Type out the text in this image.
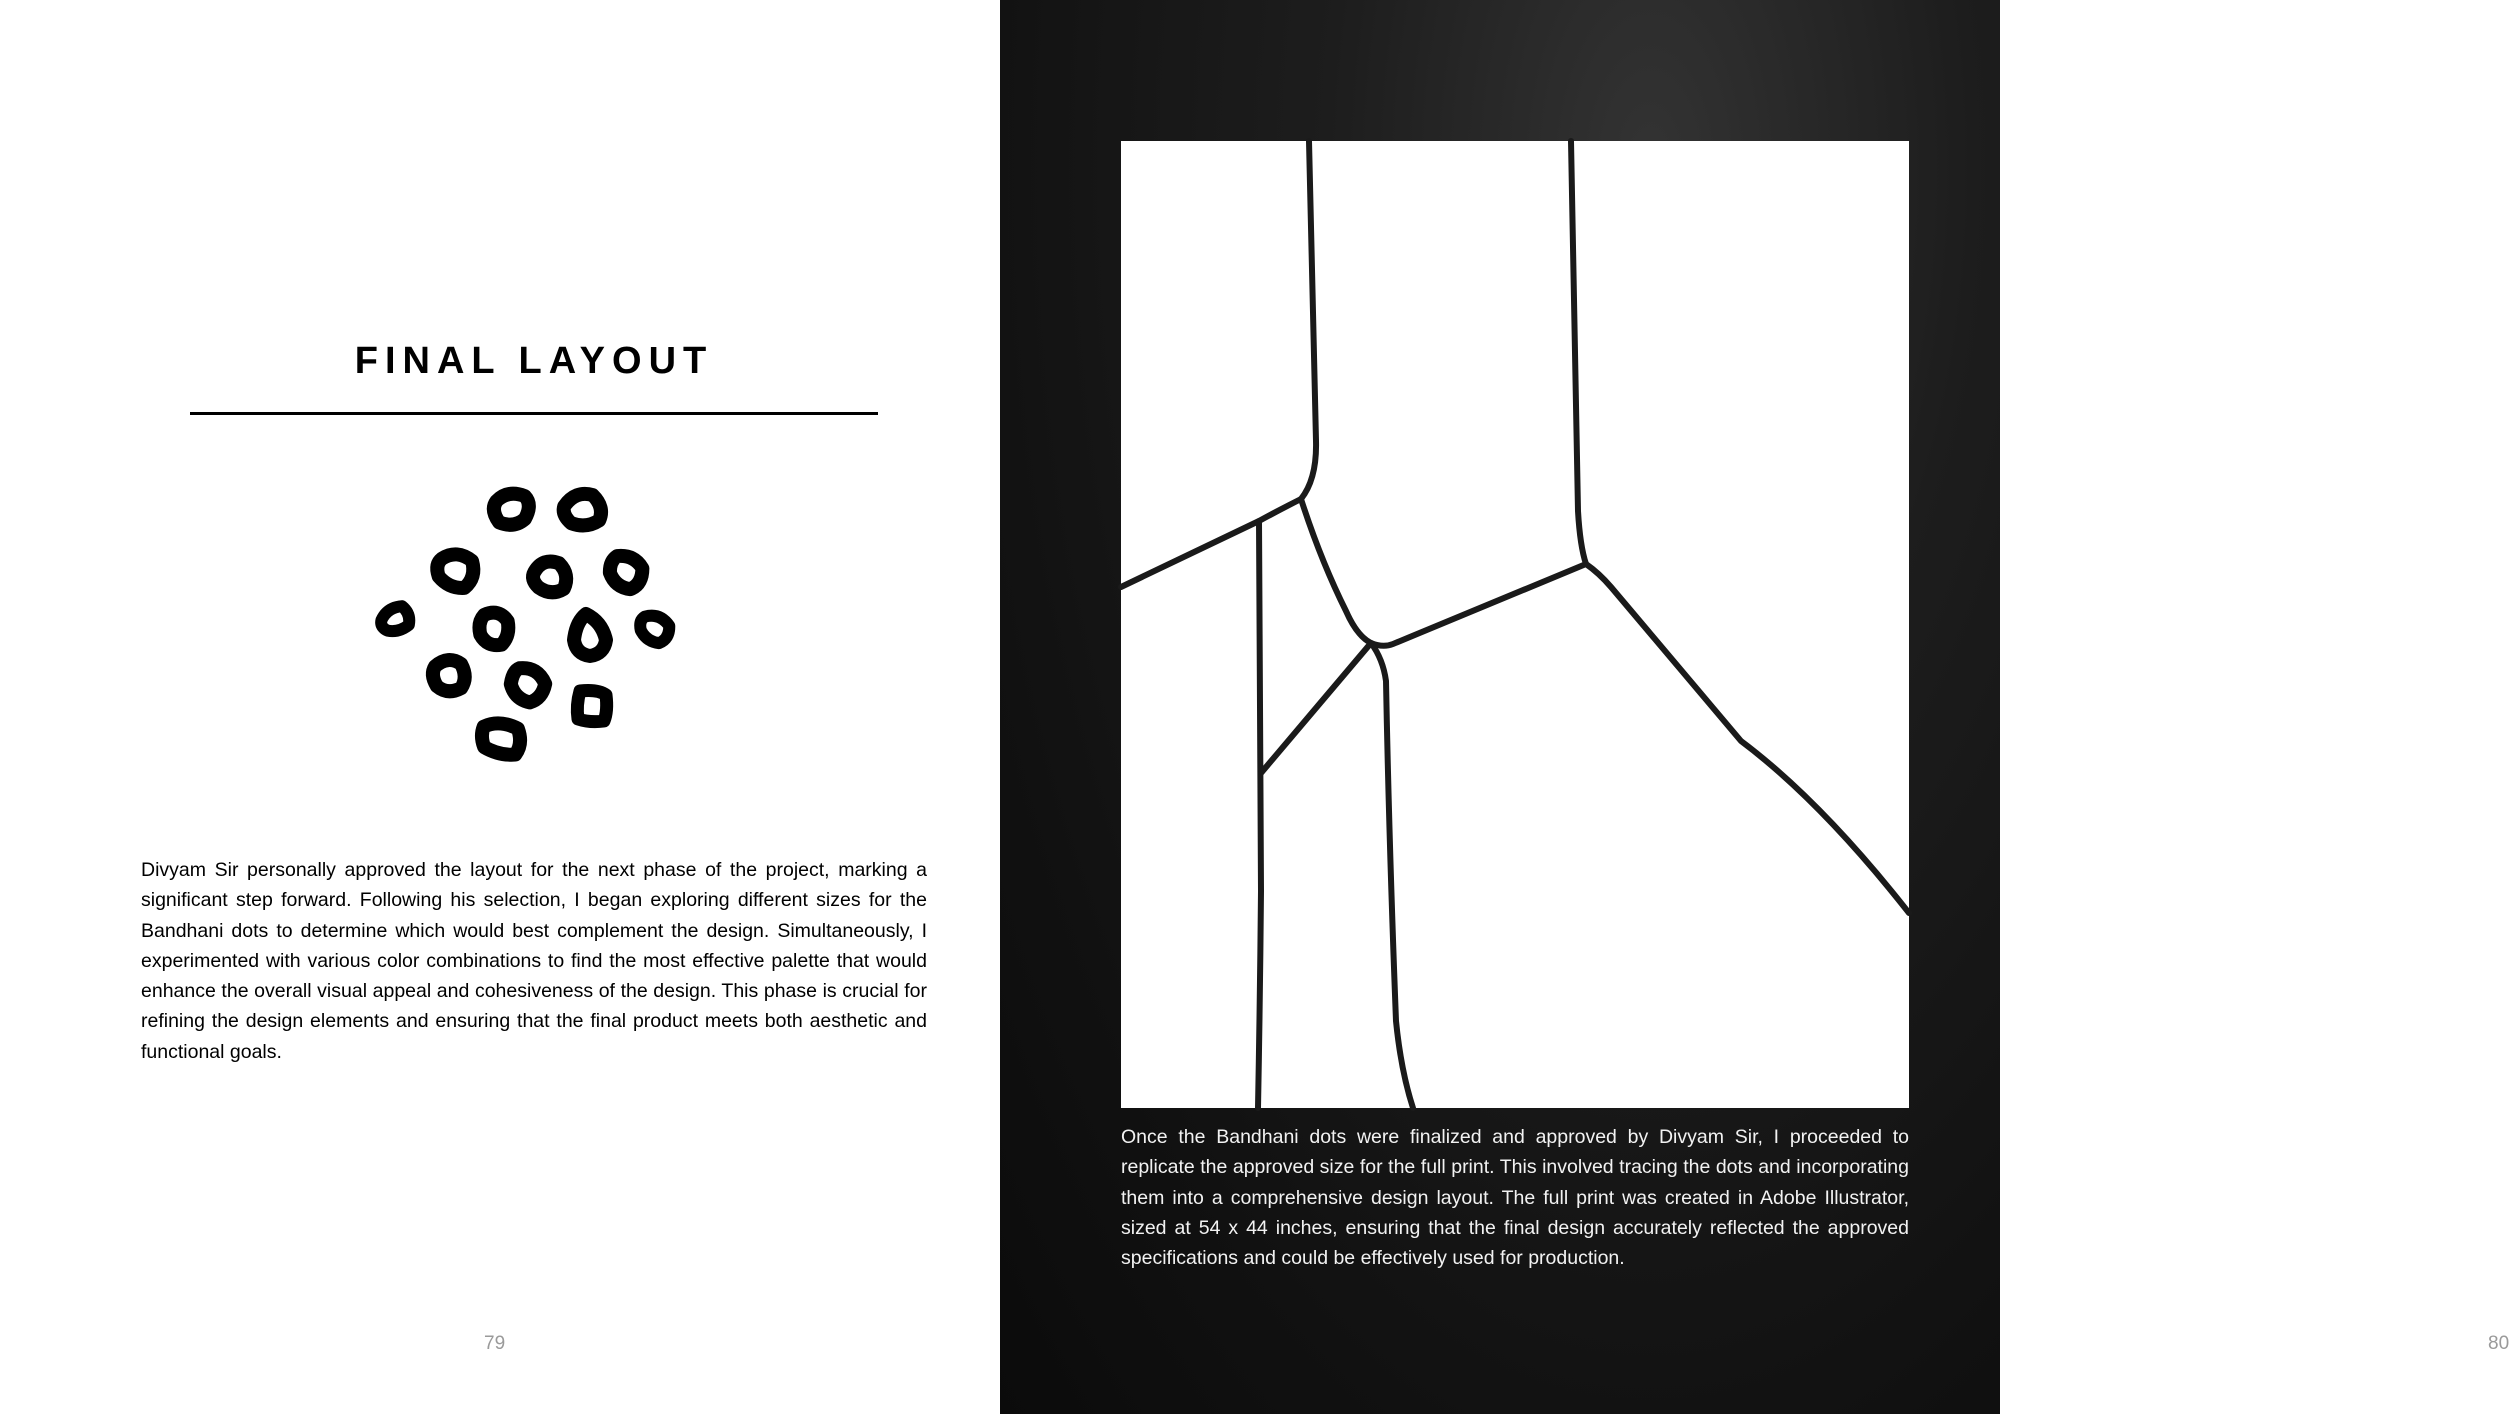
FINAL LAYOUT

Divyam Sir personally approved the layout for the next phase of the project, marking a significant step forward. Following his selection, I began exploring different sizes for the Bandhani dots to determine which would best complement the design. Simultaneously, I experimented with various color combinations to find the most effective palette that would enhance the overall visual appeal and cohesiveness of the design. This phase is crucial for refining the design elements and ensuring that the final product meets both aesthetic and functional goals.

79

Once the Bandhani dots were finalized and approved by Divyam Sir, I proceeded to replicate the approved size for the full print. This involved tracing the dots and incorporating them into a comprehensive design layout. The full print was created in Adobe Illustrator, sized at 54 x 44 inches, ensuring that the final design accurately reflected the approved specifications and could be effectively used for production.

80
